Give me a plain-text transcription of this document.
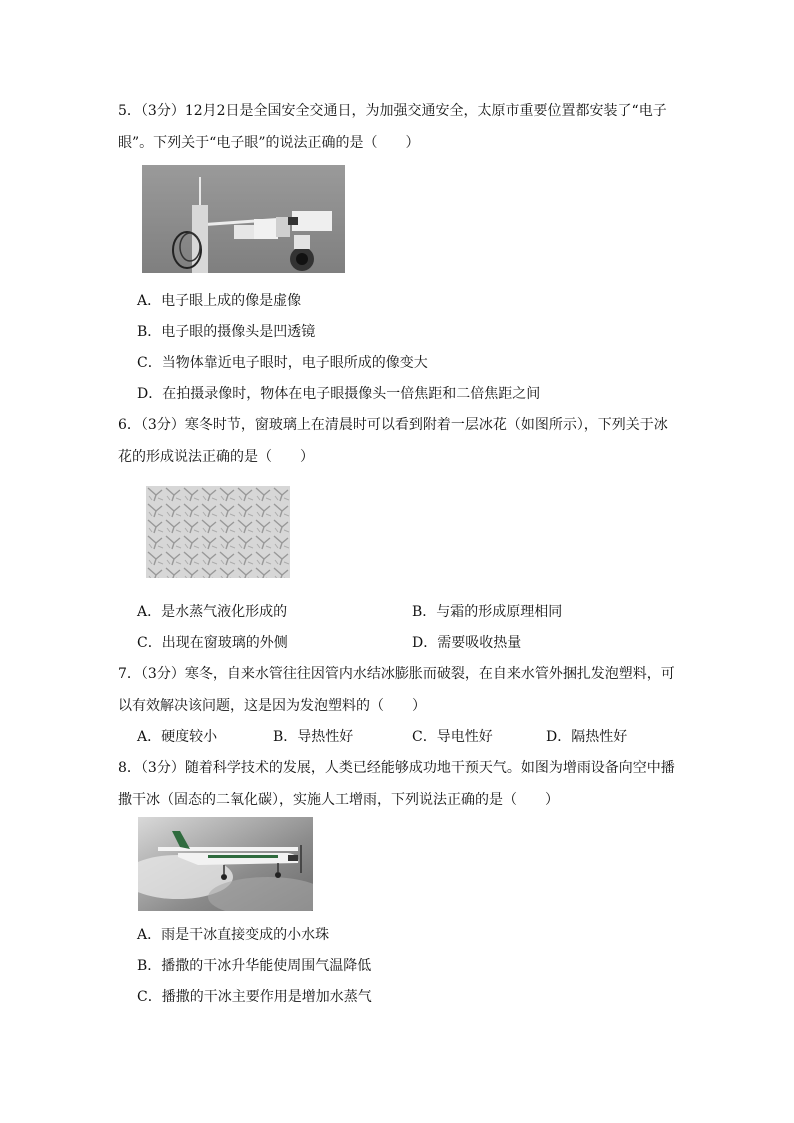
5．（3分）12月2日是全国安全交通日，为加强交通安全，太原市重要位置都安装了“电子
眼”。下列关于“电子眼”的说法正确的是（　　）
A．电子眼上成的像是虚像
B．电子眼的摄像头是凹透镜
C．当物体靠近电子眼时，电子眼所成的像变大
D．在拍摄录像时，物体在电子眼摄像头一倍焦距和二倍焦距之间
6．（3分）寒冬时节，窗玻璃上在清晨时可以看到附着一层冰花（如图所示），下列关于冰
花的形成说法正确的是（　　）
A．是水蒸气液化形成的	B．与霜的形成原理相同
C．出现在窗玻璃的外侧	D．需要吸收热量
7．（3分）寒冬，自来水管往往因管内水结冰膨胀而破裂，在自来水管外捆扎发泡塑料，可
以有效解决该问题，这是因为发泡塑料的（　　）
A．硬度较小	B．导热性好	C．导电性好	D．隔热性好
8．（3分）随着科学技术的发展，人类已经能够成功地干预天气。如图为增雨设备向空中播
撒干冰（固态的二氧化碳），实施人工增雨，下列说法正确的是（　　）
A．雨是干冰直接变成的小水珠
B．播撒的干冰升华能使周围气温降低
C．播撒的干冰主要作用是增加水蒸气
